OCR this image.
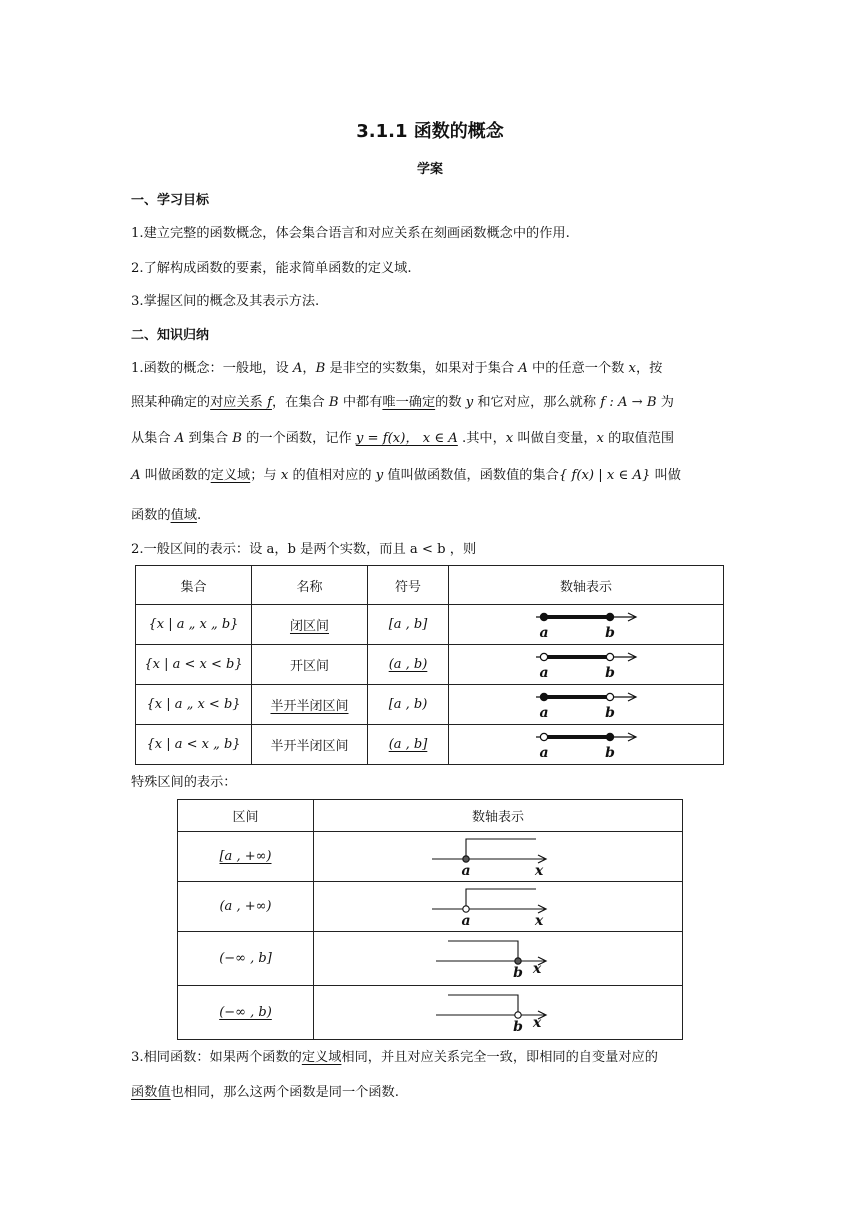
3.1.1 函数的概念
学案
一、学习目标
1.建立完整的函数概念，体会集合语言和对应关系在刻画函数概念中的作用.
2.了解构成函数的要素，能求简单函数的定义域.
3.掌握区间的概念及其表示方法.
二、知识归纳
1.函数的概念：一般地，设 A，B 是非空的实数集，如果对于集合 A 中的任意一个数 x，按
照某种确定的对应关系 f，在集合 B 中都有唯一确定的数 y 和它对应，那么就称 f : A → B 为
从集合 A 到集合 B 的一个函数，记作 y = f(x)， x ∈ A .其中，x 叫做自变量，x 的取值范围
A 叫做函数的定义域；与 x 的值相对应的 y 值叫做函数值，函数值的集合{ f(x) | x ∈ A} 叫做
函数的值域.
2.一般区间的表示：设 a，b 是两个实数，而且 a < b ，则
集合	名称	符号	数轴表示
{x | a „ x „ b}	闭区间	[a , b]	a b

{x | a < x < b}	开区间	(a , b)	a b

{x | a „ x < b}	半开半闭区间	[a , b)	a b

{x | a < x „ b}	半开半闭区间	(a , b]	a b
特殊区间的表示：
区间	数轴表示
[a , +∞)	a x

(a , +∞)	a x

(−∞ , b]	b x

(−∞ , b)	b x
3.相同函数：如果两个函数的定义域相同，并且对应关系完全一致，即相同的自变量对应的
函数值也相同，那么这两个函数是同一个函数.
